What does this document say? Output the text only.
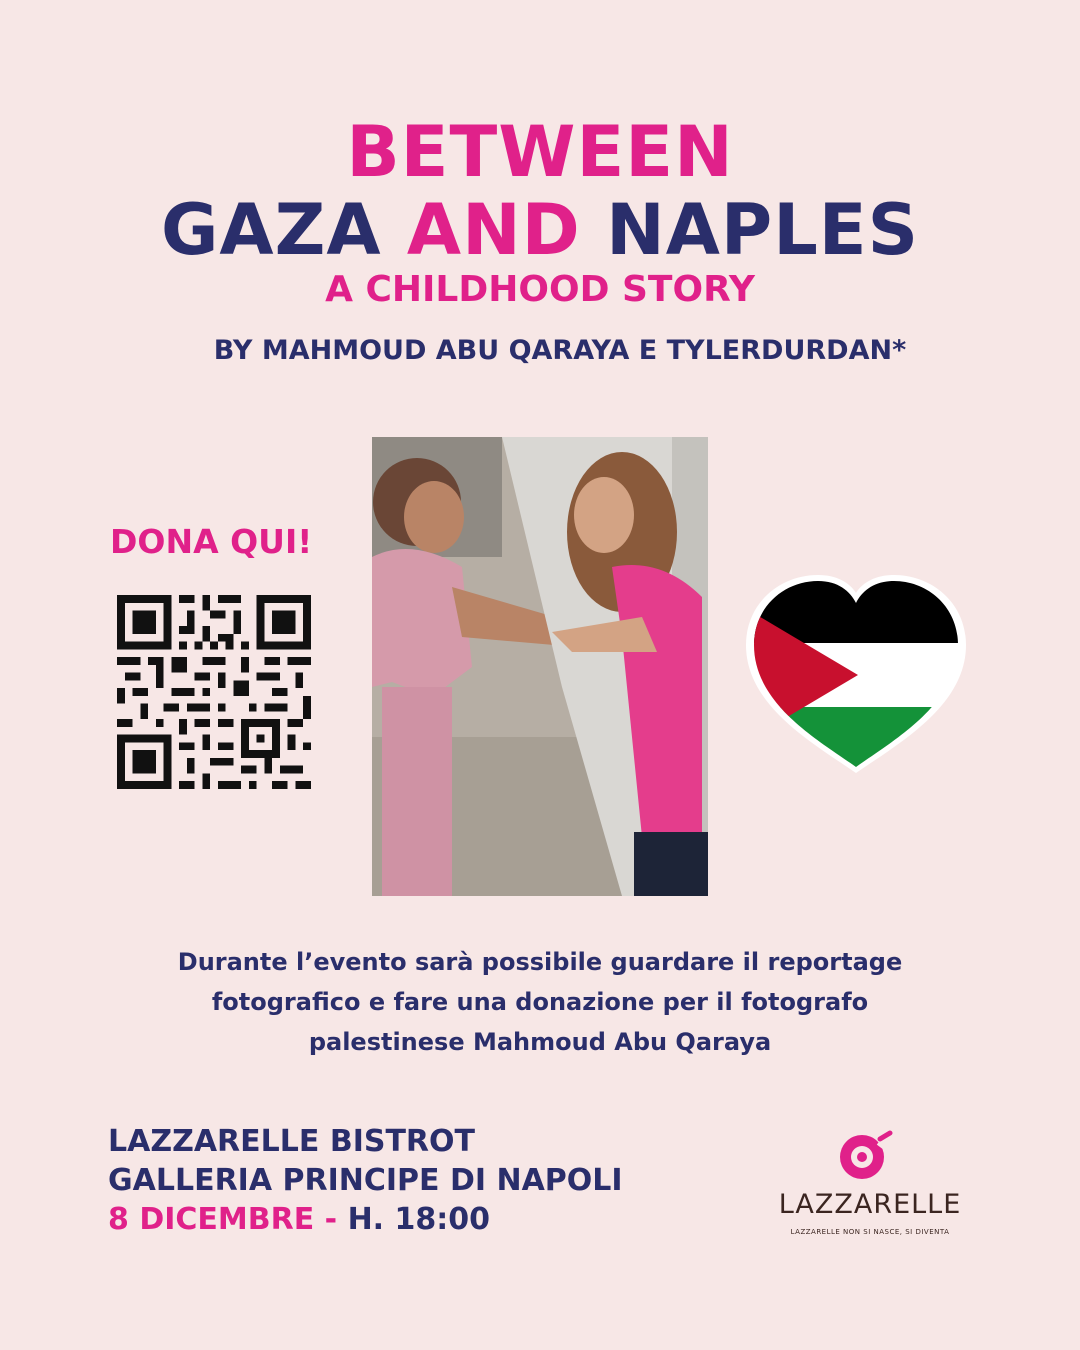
BETWEEN
GAZA AND NAPLES
A CHILDHOOD STORY
BY MAHMOUD ABU QARAYA E TYLERDURDAN*
DONA QUI!
Durante l’evento sarà possibile guardare il reportage
fotografico e fare una donazione per il fotografo
palestinese Mahmoud Abu Qaraya
LAZZARELLE BISTROT
GALLERIA PRINCIPE DI NAPOLI
8 DICEMBRE - H. 18:00	LAZZARELLE
LAZZARELLE NON SI NASCE, SI DIVENTA
